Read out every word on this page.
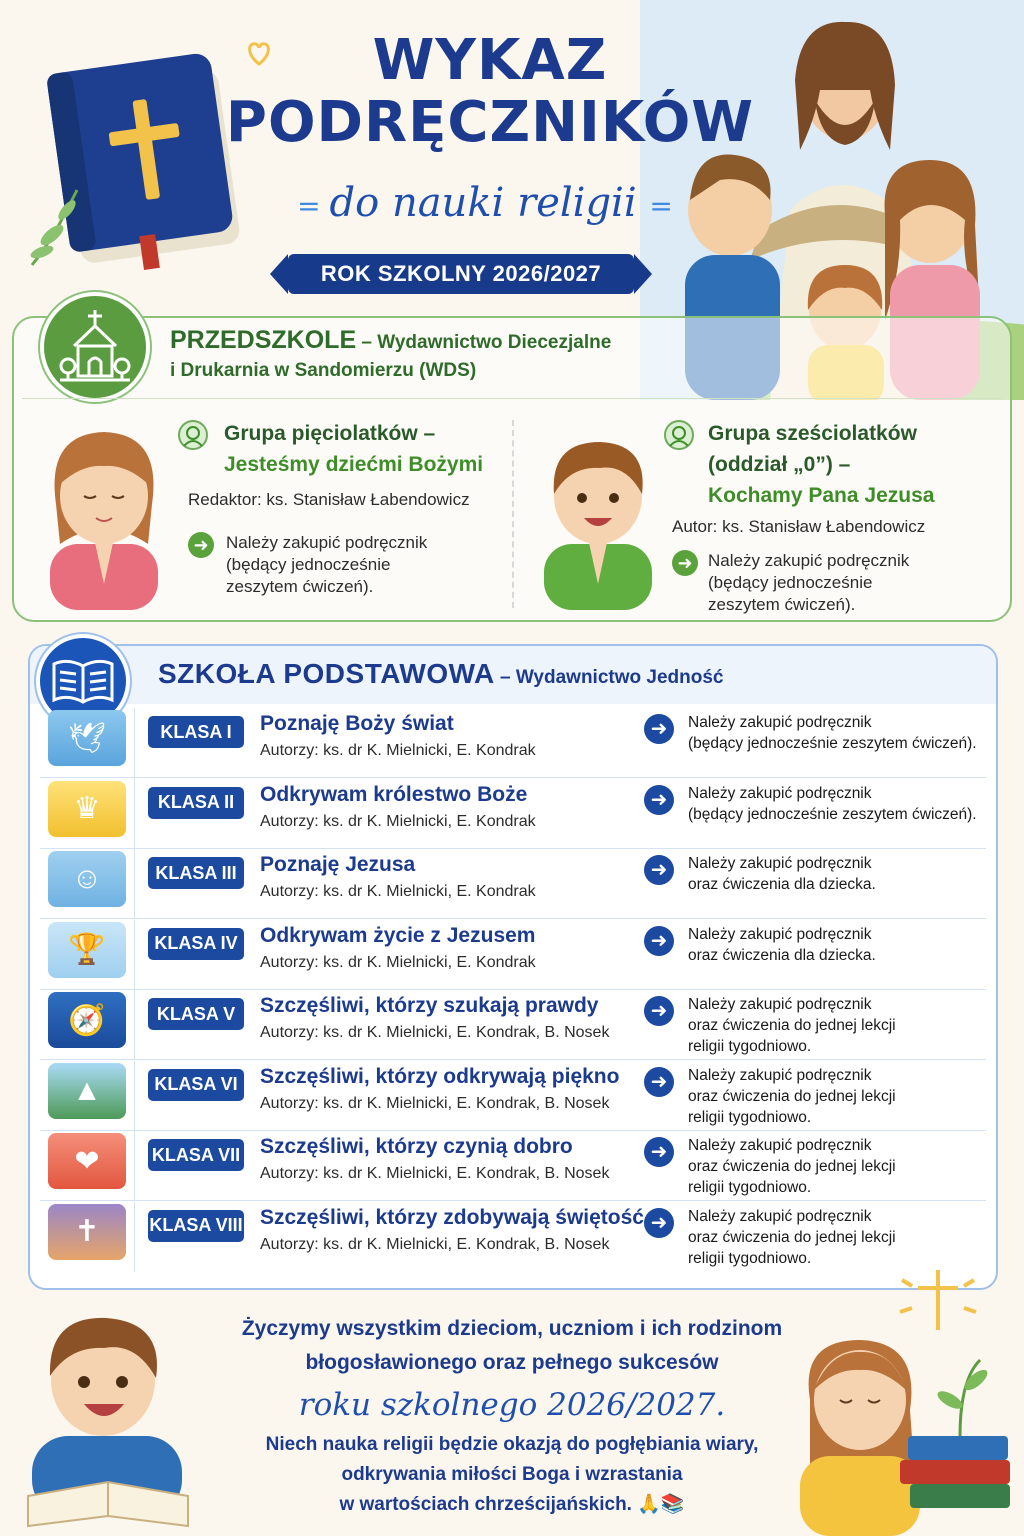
WYKAZ
PODRĘCZNIKÓW
= do nauki religii =
ROK SZKOLNY 2026/2027
PRZEDSZKOLE – Wydawnictwo Diecezjalne
i Drukarnia w Sandomierzu (WDS)
Grupa pięciolatków –
Jesteśmy dziećmi Bożymi
Redaktor: ks. Stanisław Łabendowicz
➜	Należy zakupić podręcznik
(będący jednocześnie
zeszytem ćwiczeń).
Grupa sześciolatków
(oddział „0”) –
Kochamy Pana Jezusa
Autor: ks. Stanisław Łabendowicz
➜ Należy zakupić podręcznik
(będący jednocześnie
zeszytem ćwiczeń).
SZKOŁA PODSTAWOWA – Wydawnictwo Jedność
🕊	KLASA I	Poznaję Boży świat
Autorzy: ks. dr K. Mielnicki, E. Kondrak
➜	Należy zakupić podręcznik
(będący jednocześnie zeszytem ćwiczeń).
♛	KLASA II	Odkrywam królestwo Boże
Autorzy: ks. dr K. Mielnicki, E. Kondrak
➜	Należy zakupić podręcznik
(będący jednocześnie zeszytem ćwiczeń).
☺	KLASA III	Poznaję Jezusa
Autorzy: ks. dr K. Mielnicki, E. Kondrak
➜	Należy zakupić podręcznik
oraz ćwiczenia dla dziecka.
🏆	KLASA IV	Odkrywam życie z Jezusem
Autorzy: ks. dr K. Mielnicki, E. Kondrak
➜	Należy zakupić podręcznik
oraz ćwiczenia dla dziecka.
🧭	KLASA V	Szczęśliwi, którzy szukają prawdy
Autorzy: ks. dr K. Mielnicki, E. Kondrak, B. Nosek
➜	Należy zakupić podręcznik
oraz ćwiczenia do jednej lekcji
religii tygodniowo.
▲	KLASA VI	Szczęśliwi, którzy odkrywają piękno
Autorzy: ks. dr K. Mielnicki, E. Kondrak, B. Nosek
➜	Należy zakupić podręcznik
oraz ćwiczenia do jednej lekcji
religii tygodniowo.
❤	KLASA VII Szczęśliwi, którzy czynią dobro
Autorzy: ks. dr K. Mielnicki, E. Kondrak, B. Nosek
➜	Należy zakupić podręcznik
oraz ćwiczenia do jednej lekcji
religii tygodniowo.
✝	KLASA VIII Szczęśliwi, którzy zdobywają świętość
Autorzy: ks. dr K. Mielnicki, E. Kondrak, B. Nosek
➜	Należy zakupić podręcznik
oraz ćwiczenia do jednej lekcji
religii tygodniowo.
Życzymy wszystkim dzieciom, uczniom i ich rodzinom
błogosławionego oraz pełnego sukcesów
roku szkolnego 2026/2027.
Niech nauka religii będzie okazją do pogłębiania wiary,
odkrywania miłości Boga i wzrastania
w wartościach chrześcijańskich. 🙏📚
